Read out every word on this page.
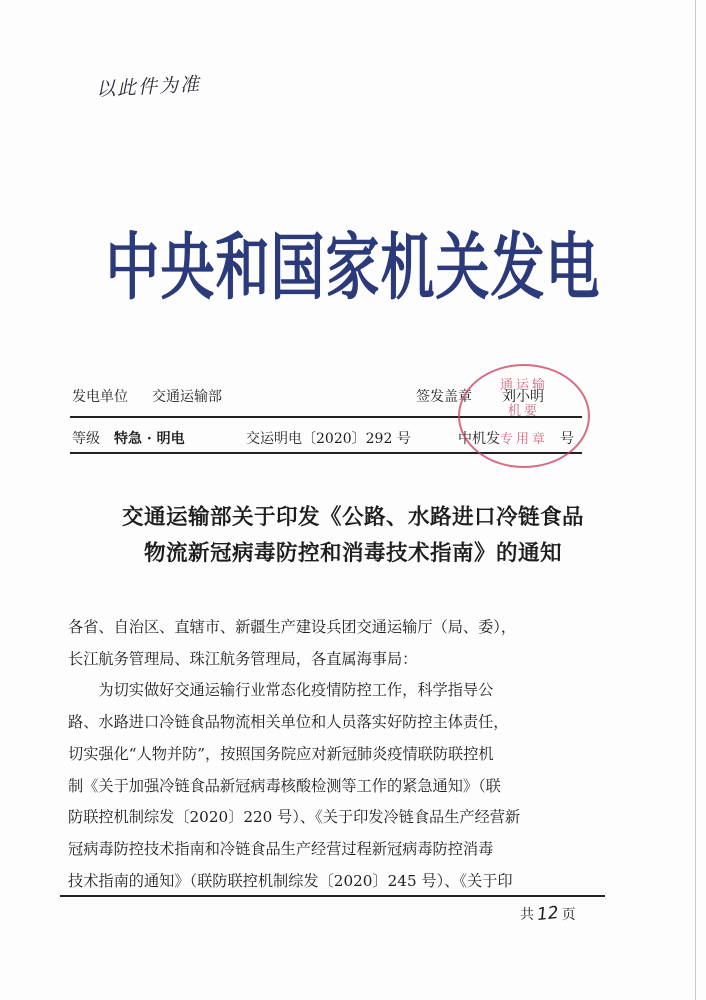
以此件为准
中央和国家机关发电
发电单位 交通运输部	签发盖章 刘小明
等级 特急 · 明电	交运明电〔2020〕292 号	中机发	号
通运输
机要
专用章
交通运输部关于印发《公路、水路进口冷链食品
物流新冠病毒防控和消毒技术指南》的通知

各省、自治区、直辖市、新疆生产建设兵团交通运输厅（局、委），

长江航务管理局、珠江航务管理局，各直属海事局：

为切实做好交通运输行业常态化疫情防控工作，科学指导公

路、水路进口冷链食品物流相关单位和人员落实好防控主体责任，

切实强化“人物并防”，按照国务院应对新冠肺炎疫情联防联控机

制《关于加强冷链食品新冠病毒核酸检测等工作的紧急通知》（联

防联控机制综发〔2020〕220 号）、《关于印发冷链食品生产经营新

冠病毒防控技术指南和冷链食品生产经营过程新冠病毒防控消毒

技术指南的通知》（联防联控机制综发〔2020〕245 号）、《关于印

共 12 页
